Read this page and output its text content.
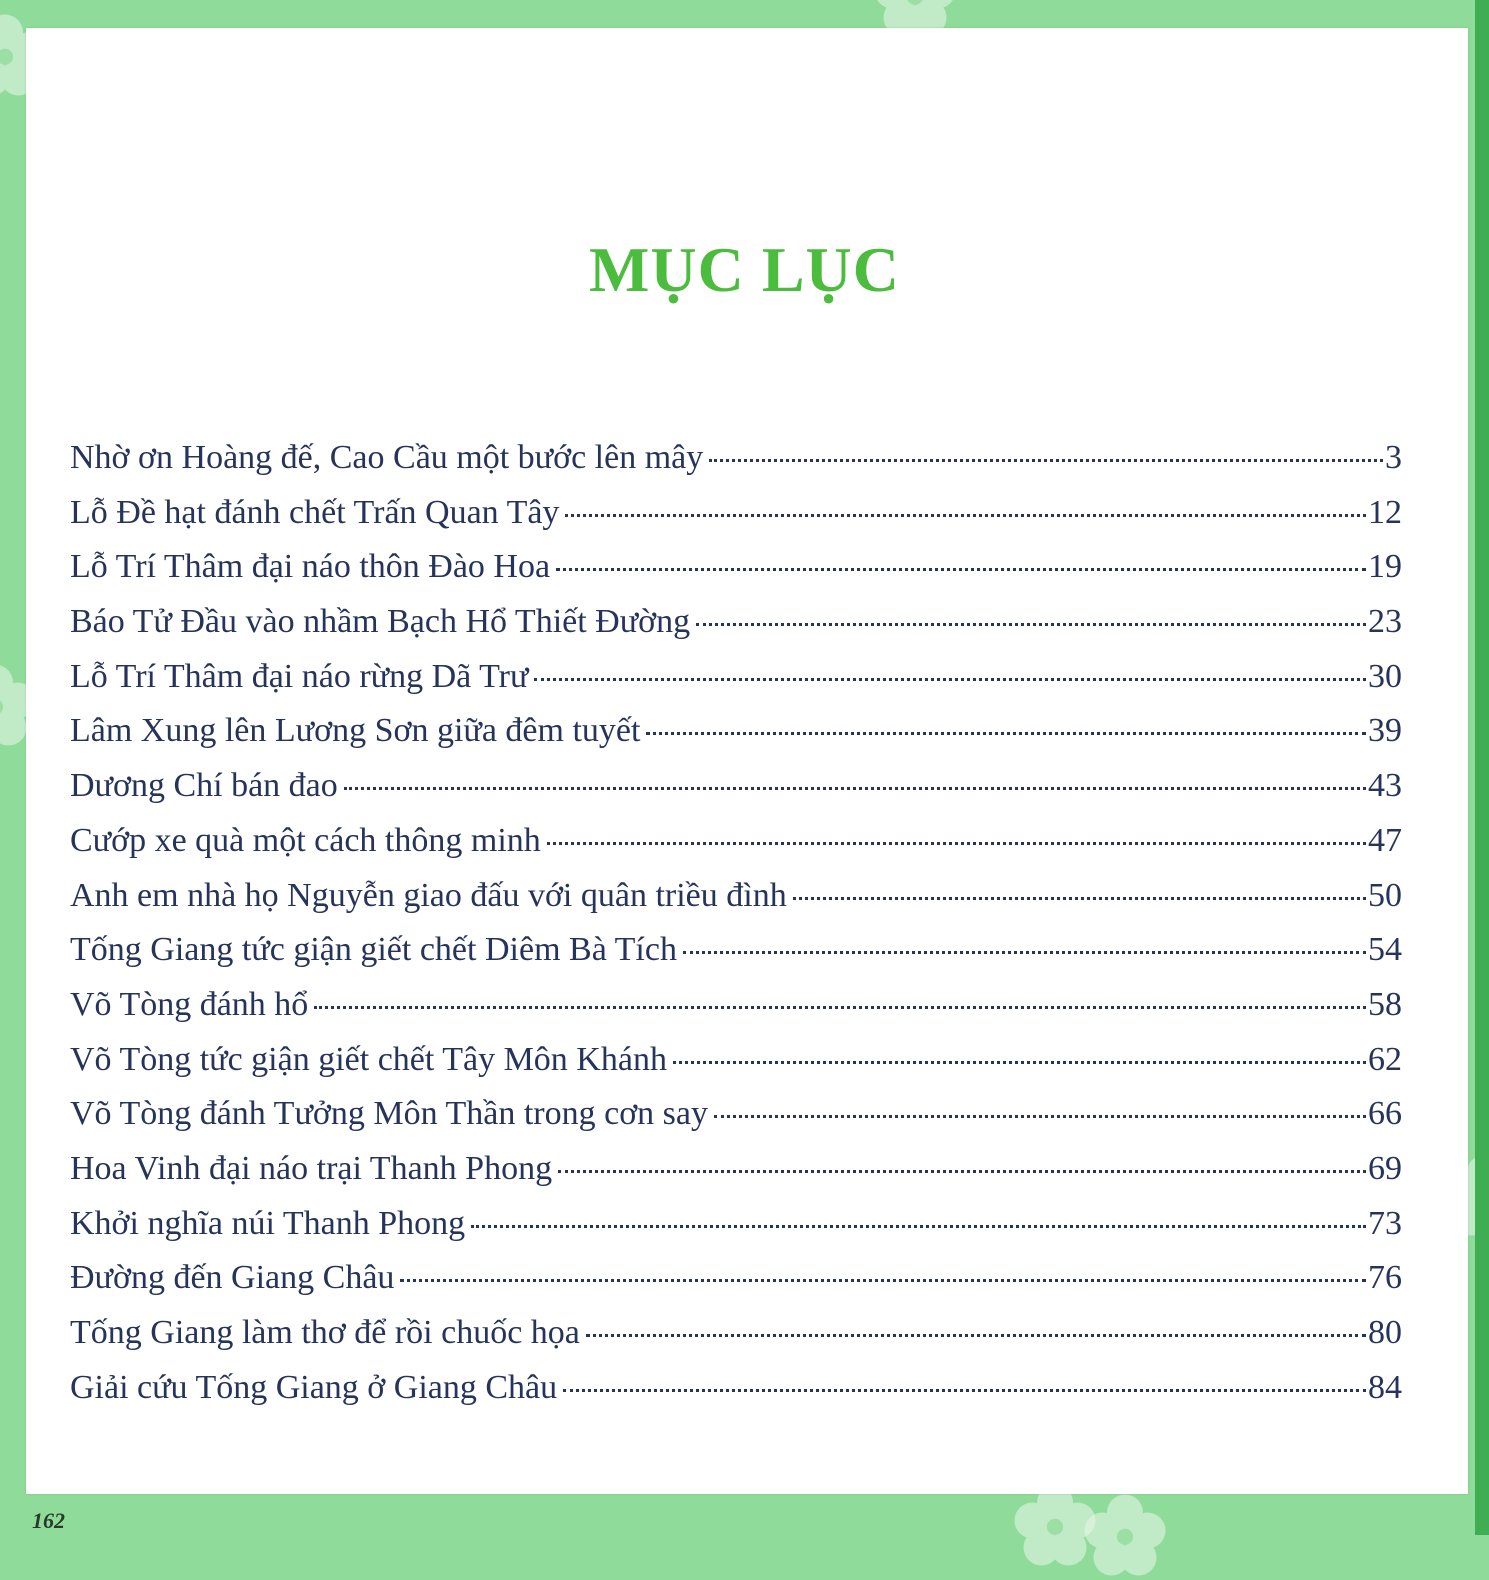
MỤC LỤC
Nhờ ơn Hoàng đế, Cao Cầu một bước lên mây	3
Lỗ Đề hạt đánh chết Trấn Quan Tây	12
Lỗ Trí Thâm đại náo thôn Đào Hoa	19
Báo Tử Đầu vào nhầm Bạch Hổ Thiết Đường	23
Lỗ Trí Thâm đại náo rừng Dã Trư	30
Lâm Xung lên Lương Sơn giữa đêm tuyết	39
Dương Chí bán đao	43
Cướp xe quà một cách thông minh	47
Anh em nhà họ Nguyễn giao đấu với quân triều đình	50
Tống Giang tức giận giết chết Diêm Bà Tích	54
Võ Tòng đánh hổ	58
Võ Tòng tức giận giết chết Tây Môn Khánh	62
Võ Tòng đánh Tưởng Môn Thần trong cơn say	66
Hoa Vinh đại náo trại Thanh Phong	69
Khởi nghĩa núi Thanh Phong	73
Đường đến Giang Châu	76
Tống Giang làm thơ để rồi chuốc họa	80
Giải cứu Tống Giang ở Giang Châu	84
162
